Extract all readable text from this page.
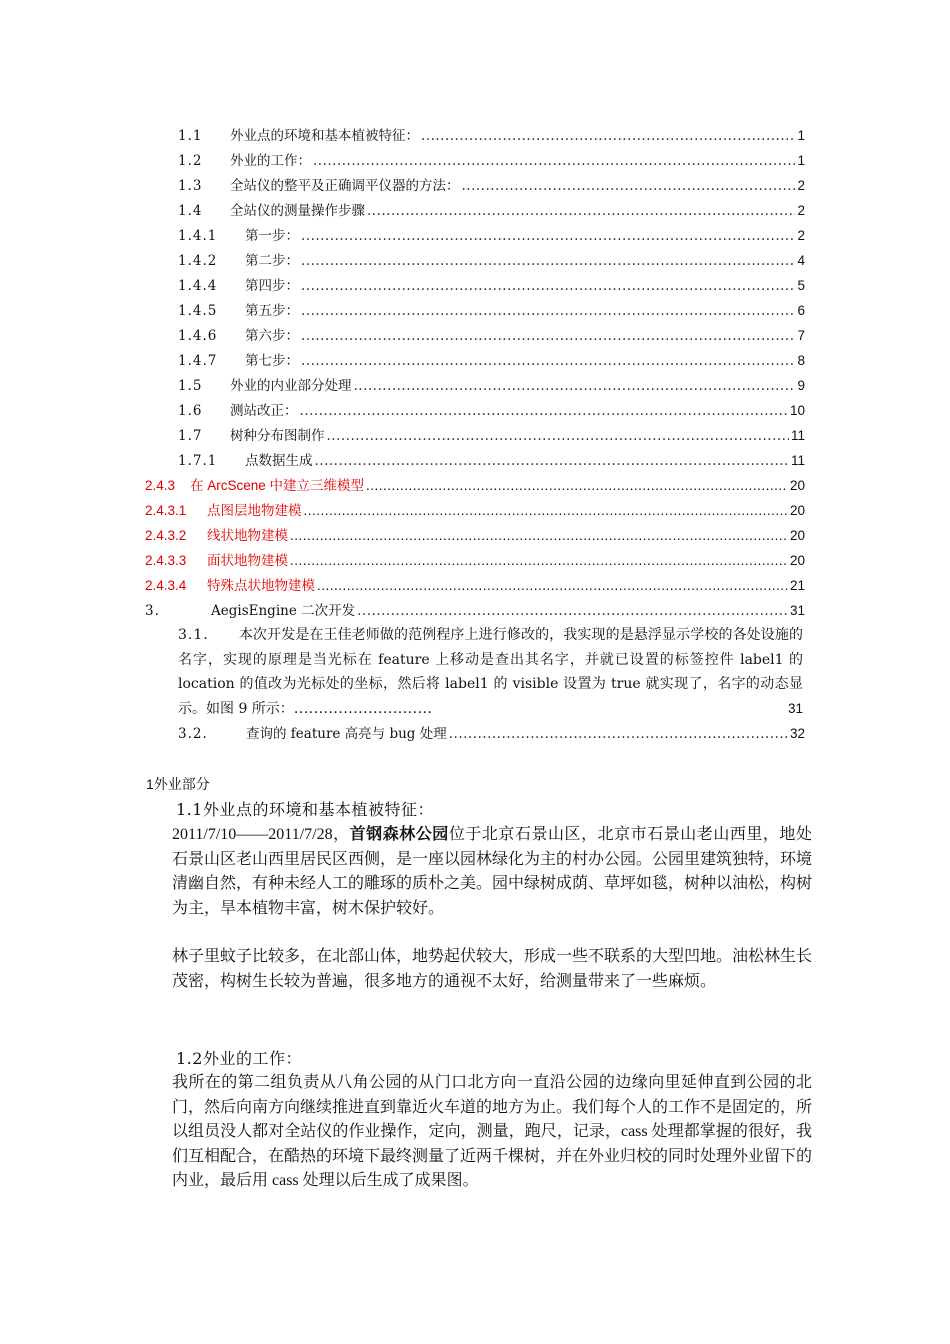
1.1	外业点的环境和基本植被特征： .....	1
1.2	外业的工作： .....	1
1.3	全站仪的整平及正确调平仪器的方法： .....	2
1.4	全站仪的测量操作步骤 .....	2
1.4.1	第一步： .....	2
1.4.2	第二步： .....	4
1.4.4	第四步： .....	5
1.4.5	第五步： .....	6
1.4.6	第六步： .....	7
1.4.7	第七步： .....	8
1.5	外业的内业部分处理 .....	9
1.6	测站改正： .....	10
1.7	树种分布图制作 .....	11
1.7.1	点数据生成 .....	11
2.4.3	在 ArcScene 中建立三维模型 .....	20
2.4.3.1	点图层地物建模 .....	20
2.4.3.2	线状地物建模 .....	20
2.4.3.3	面状地物建模 .....	20
2.4.3.4	特殊点状地物建模 .....	21
3.	AegisEngine 二次开发 .....	31
3.1. 本次开发是在王佳老师做的范例程序上进行修改的，我实现的是悬浮显示学校的各处设施的名字，实现的原理是当光标在 feature 上移动是查出其名字，并就已设置的标签控件 label1 的 location 的值改为光标处的坐标，然后将 label1 的 visible 设置为 true 就实现了，名字的动态显示。如图 9 所示：............................	31
3.2.	查询的 feature 高亮与 bug 处理 .....	32
1外业部分
1.1外业点的环境和基本植被特征：
2011/7/10——2011/7/28，首钢森林公园位于北京石景山区，北京市石景山老山西里，地处石景山区老山西里居民区西侧，是一座以园林绿化为主的村办公园。公园里建筑独特，环境清幽自然，有种未经人工的雕琢的质朴之美。园中绿树成荫、草坪如毯，树种以油松，构树为主，旱本植物丰富，树木保护较好。
林子里蚊子比较多，在北部山体，地势起伏较大，形成一些不联系的大型凹地。油松林生长茂密，构树生长较为普遍，很多地方的通视不太好，给测量带来了一些麻烦。
1.2外业的工作：
我所在的第二组负责从八角公园的从门口北方向一直沿公园的边缘向里延伸直到公园的北门，然后向南方向继续推进直到靠近火车道的地方为止。我们每个人的工作不是固定的，所以组员没人都对全站仪的作业操作，定向，测量，跑尺，记录，cass 处理都掌握的很好，我们互相配合，在酷热的环境下最终测量了近两千棵树，并在外业归校的同时处理外业留下的内业，最后用 cass 处理以后生成了成果图。
